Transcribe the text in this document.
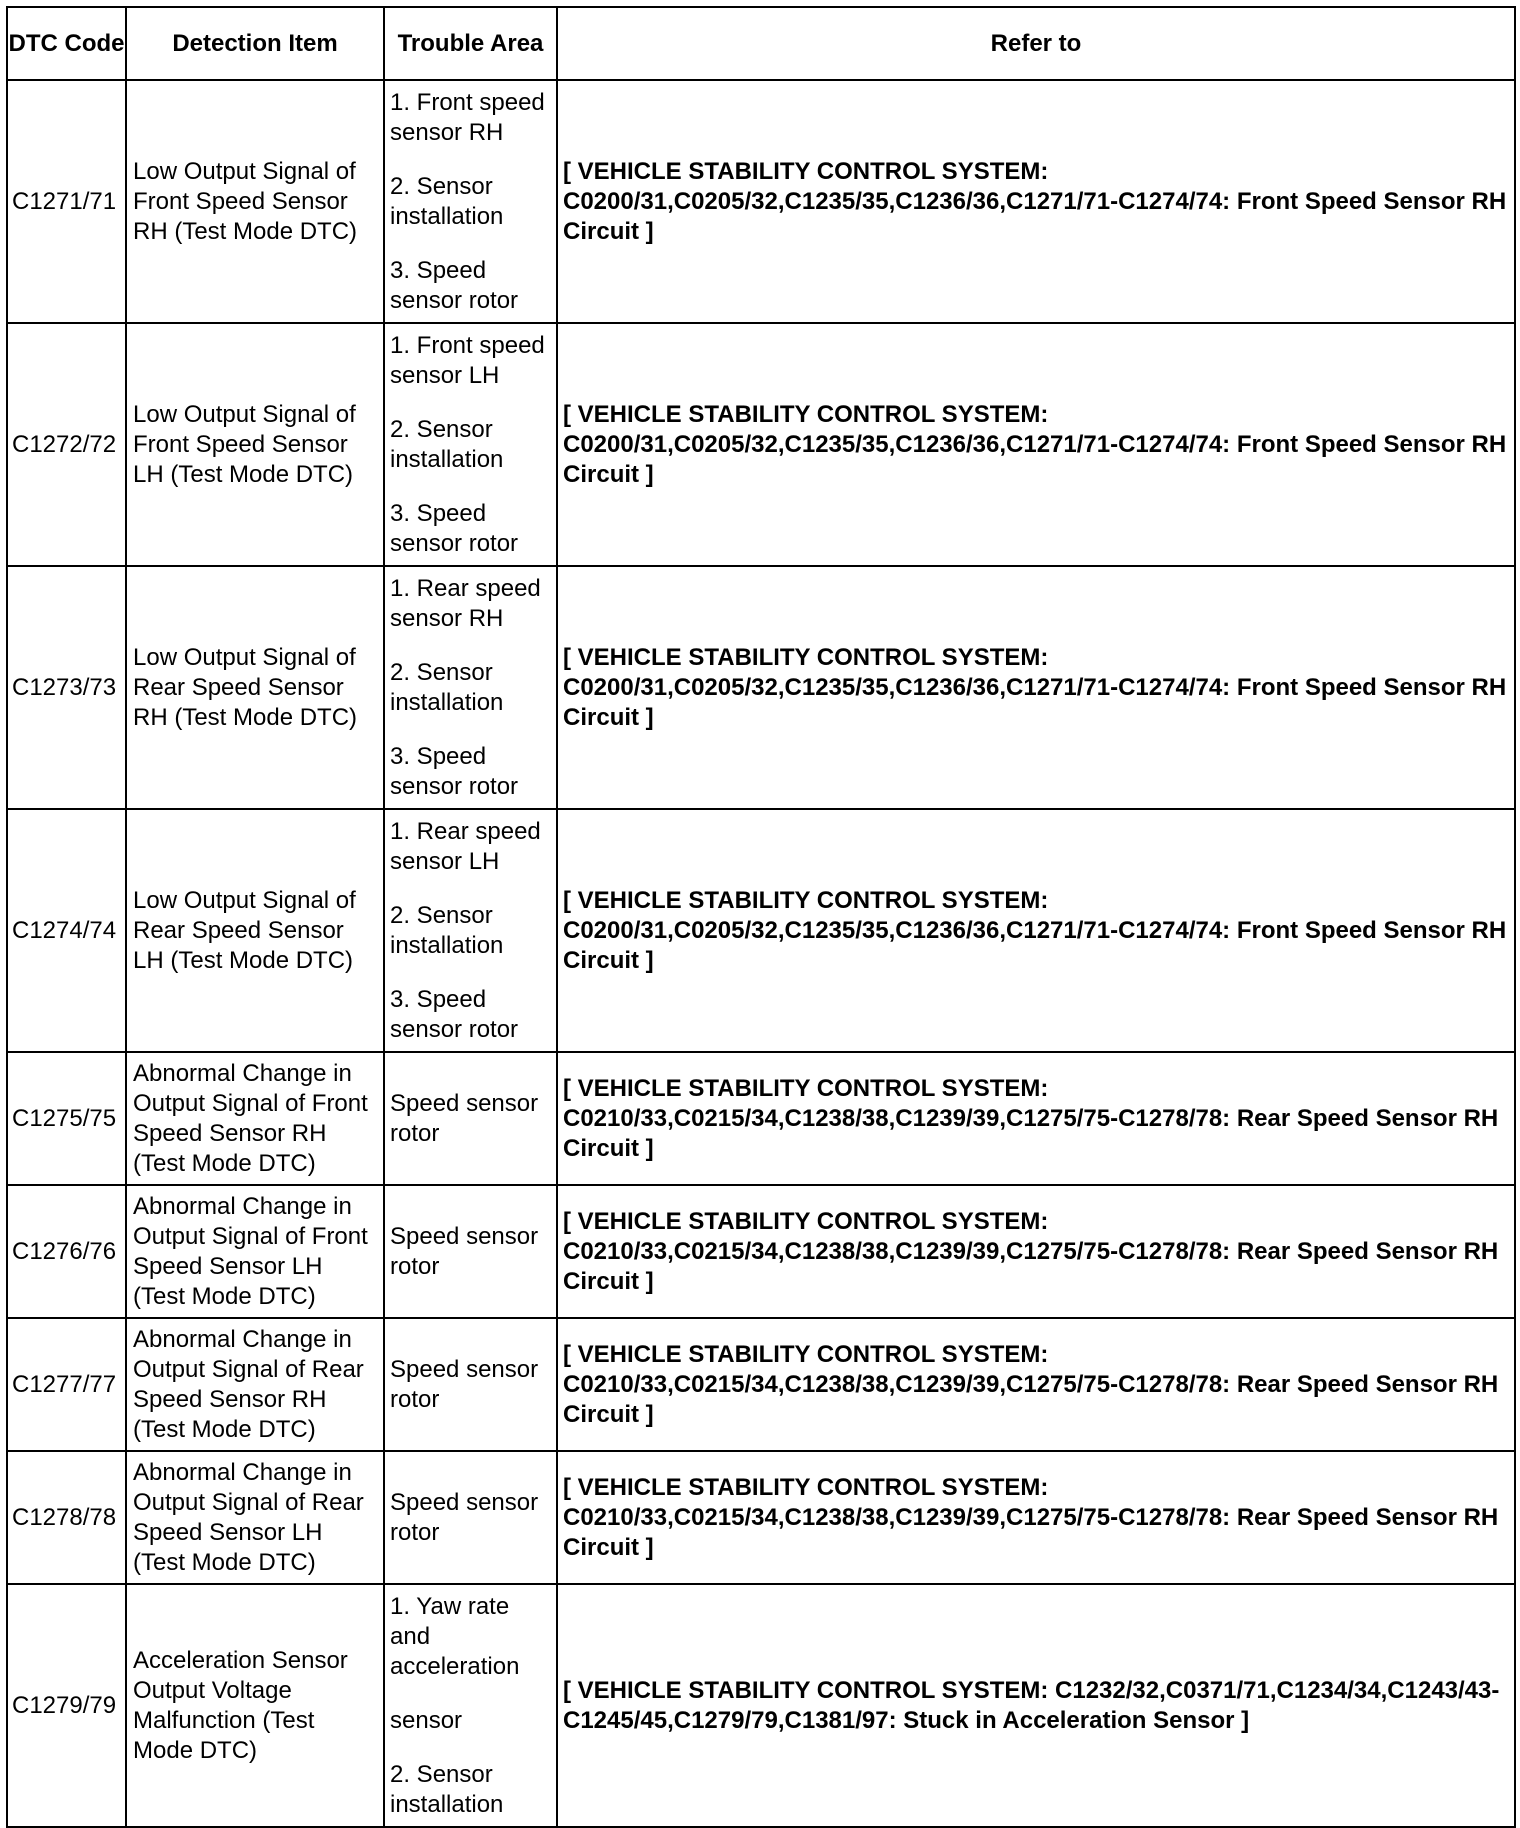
DTC Code	Detection Item	Trouble Area	Refer to
C1271/71	Low Output Signal of Front Speed Sensor RH (Test Mode DTC)	1. Front speed sensor RH
2. Sensor installation
3. Speed sensor rotor	[ VEHICLE STABILITY CONTROL SYSTEM: C0200/31,C0205/32,C1235/35,C1236/36,C1271/71-C1274/74: Front Speed Sensor RH Circuit ]
C1272/72	Low Output Signal of Front Speed Sensor LH (Test Mode DTC)	1. Front speed sensor LH
2. Sensor installation
3. Speed sensor rotor	[ VEHICLE STABILITY CONTROL SYSTEM: C0200/31,C0205/32,C1235/35,C1236/36,C1271/71-C1274/74: Front Speed Sensor RH Circuit ]
C1273/73	Low Output Signal of Rear Speed Sensor RH (Test Mode DTC)	1. Rear speed sensor RH
2. Sensor installation
3. Speed sensor rotor	[ VEHICLE STABILITY CONTROL SYSTEM: C0200/31,C0205/32,C1235/35,C1236/36,C1271/71-C1274/74: Front Speed Sensor RH Circuit ]
C1274/74	Low Output Signal of Rear Speed Sensor LH (Test Mode DTC)	1. Rear speed sensor LH
2. Sensor installation
3. Speed sensor rotor	[ VEHICLE STABILITY CONTROL SYSTEM: C0200/31,C0205/32,C1235/35,C1236/36,C1271/71-C1274/74: Front Speed Sensor RH Circuit ]
C1275/75	Abnormal Change in Output Signal of Front Speed Sensor RH (Test Mode DTC)	Speed sensor rotor	[ VEHICLE STABILITY CONTROL SYSTEM: C0210/33,C0215/34,C1238/38,C1239/39,C1275/75-C1278/78: Rear Speed Sensor RH Circuit ]
C1276/76	Abnormal Change in Output Signal of Front Speed Sensor LH (Test Mode DTC)	Speed sensor rotor	[ VEHICLE STABILITY CONTROL SYSTEM: C0210/33,C0215/34,C1238/38,C1239/39,C1275/75-C1278/78: Rear Speed Sensor RH Circuit ]
C1277/77	Abnormal Change in Output Signal of Rear Speed Sensor RH (Test Mode DTC)	Speed sensor rotor	[ VEHICLE STABILITY CONTROL SYSTEM: C0210/33,C0215/34,C1238/38,C1239/39,C1275/75-C1278/78: Rear Speed Sensor RH Circuit ]
C1278/78	Abnormal Change in Output Signal of Rear Speed Sensor LH (Test Mode DTC)	Speed sensor rotor	[ VEHICLE STABILITY CONTROL SYSTEM: C0210/33,C0215/34,C1238/38,C1239/39,C1275/75-C1278/78: Rear Speed Sensor RH Circuit ]
C1279/79	Acceleration Sensor Output Voltage Malfunction (Test Mode DTC)	1. Yaw rate and acceleration
sensor
2. Sensor installation	[ VEHICLE STABILITY CONTROL SYSTEM: C1232/32,C0371/71,C1234/34,C1243/43-C1245/45,C1279/79,C1381/97: Stuck in Acceleration Sensor ]
